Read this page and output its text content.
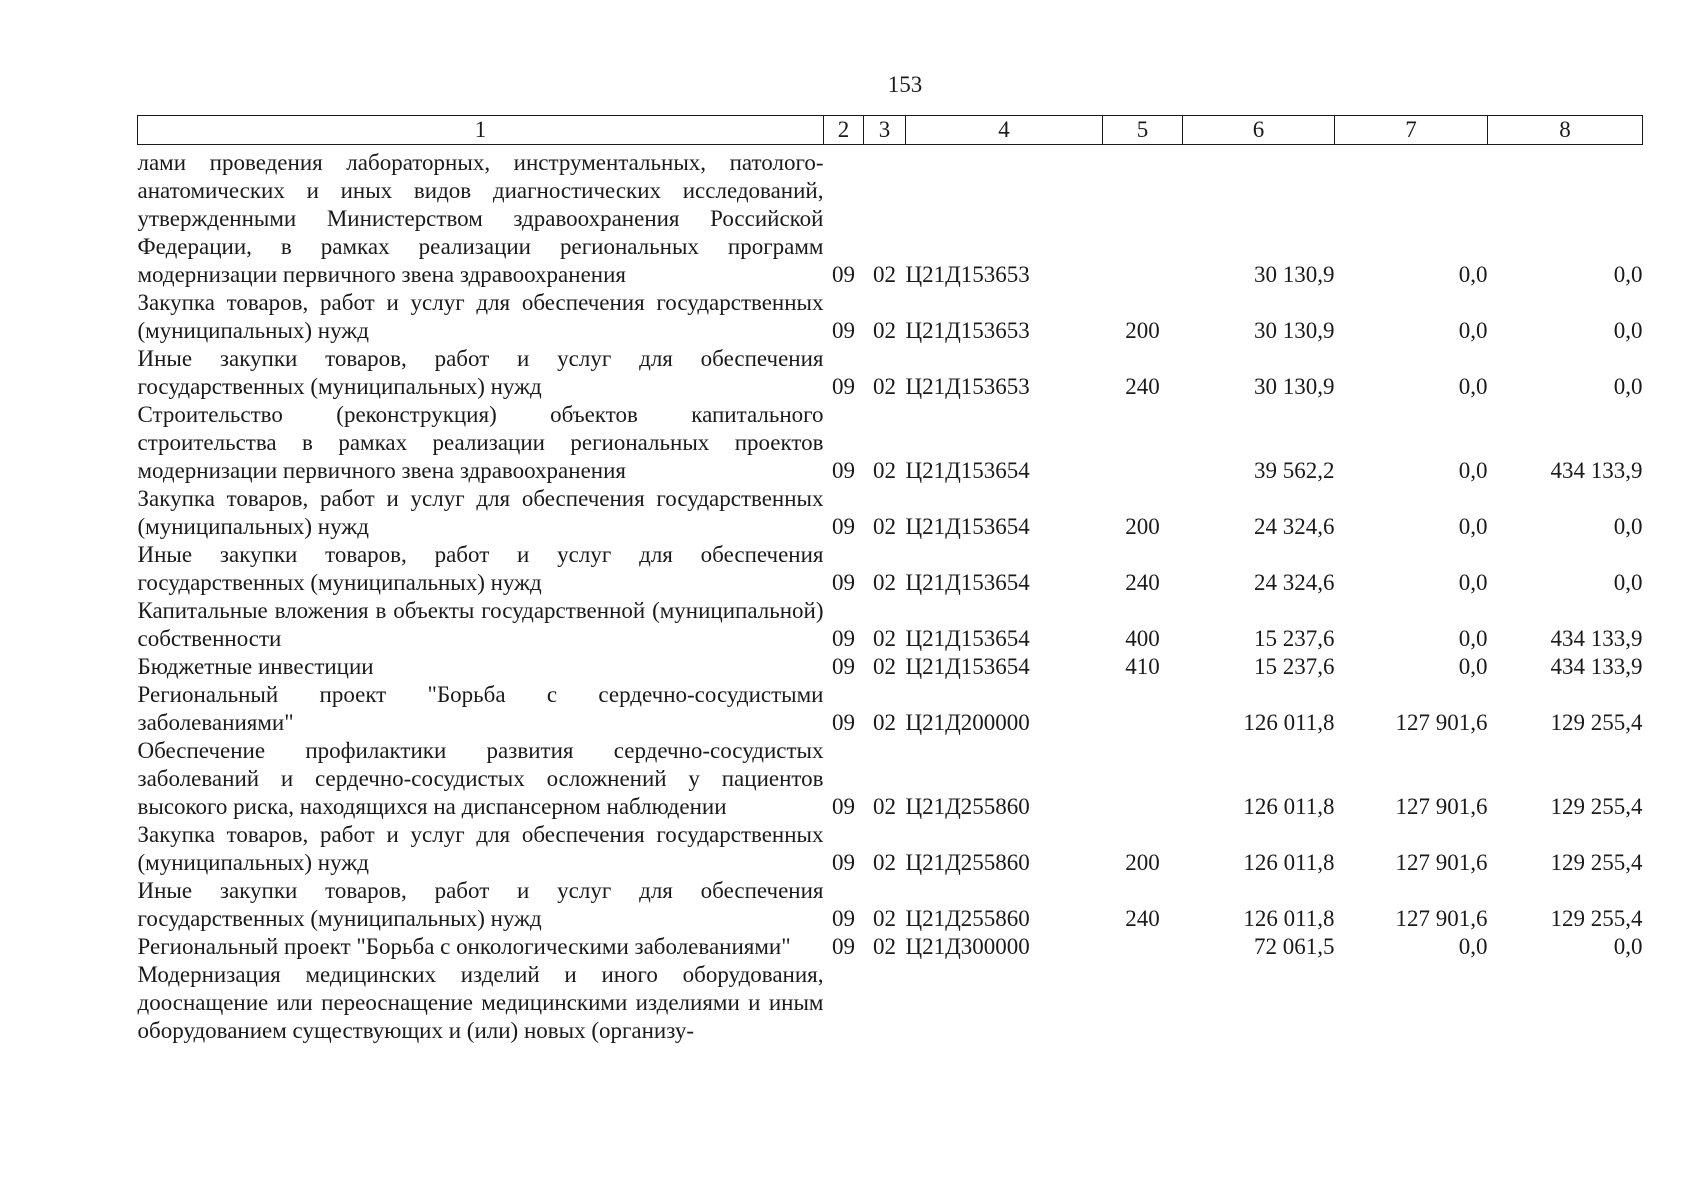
153
1	2	3	4	5	6	7	8
лами проведения лабораторных, инструментальных, патолого-анатомических и иных видов диагностических исследований, утвержденными Министерством здравоохранения Российской Федерации, в рамках реализации региональных программ модернизации первичного звена здравоохранения	09	02	Ц21Д153653		30 130,9	0,0	0,0
Закупка товаров, работ и услуг для обеспечения государственных (муниципальных) нужд	09	02	Ц21Д153653	200	30 130,9	0,0	0,0
Иные закупки товаров, работ и услуг для обеспечения государственных (муниципальных) нужд	09	02	Ц21Д153653	240	30 130,9	0,0	0,0
Строительство (реконструкция) объектов капитального строительства в рамках реализации региональных проектов модернизации первичного звена здравоохранения	09	02	Ц21Д153654		39 562,2	0,0	434 133,9
Закупка товаров, работ и услуг для обеспечения государственных (муниципальных) нужд	09	02	Ц21Д153654	200	24 324,6	0,0	0,0
Иные закупки товаров, работ и услуг для обеспечения государственных (муниципальных) нужд	09	02	Ц21Д153654	240	24 324,6	0,0	0,0
Капитальные вложения в объекты государственной (муниципальной) собственности	09	02	Ц21Д153654	400	15 237,6	0,0	434 133,9
Бюджетные инвестиции	09	02	Ц21Д153654	410	15 237,6	0,0	434 133,9
Региональный проект "Борьба с сердечно-сосудистыми заболеваниями"	09	02	Ц21Д200000		126 011,8	127 901,6	129 255,4
Обеспечение профилактики развития сердечно-сосудистых заболеваний и сердечно-сосудистых осложнений у пациентов высокого риска, находящихся на диспансерном наблюдении	09	02	Ц21Д255860		126 011,8	127 901,6	129 255,4
Закупка товаров, работ и услуг для обеспечения государственных (муниципальных) нужд	09	02	Ц21Д255860	200	126 011,8	127 901,6	129 255,4
Иные закупки товаров, работ и услуг для обеспечения государственных (муниципальных) нужд	09	02	Ц21Д255860	240	126 011,8	127 901,6	129 255,4
Региональный проект "Борьба с онкологическими заболеваниями"	09	02	Ц21Д300000		72 061,5	0,0	0,0
Модернизация медицинских изделий и иного оборудования, дооснащение или переоснащение медицинскими изделиями и иным оборудованием существующих и (или) новых (организу-							
